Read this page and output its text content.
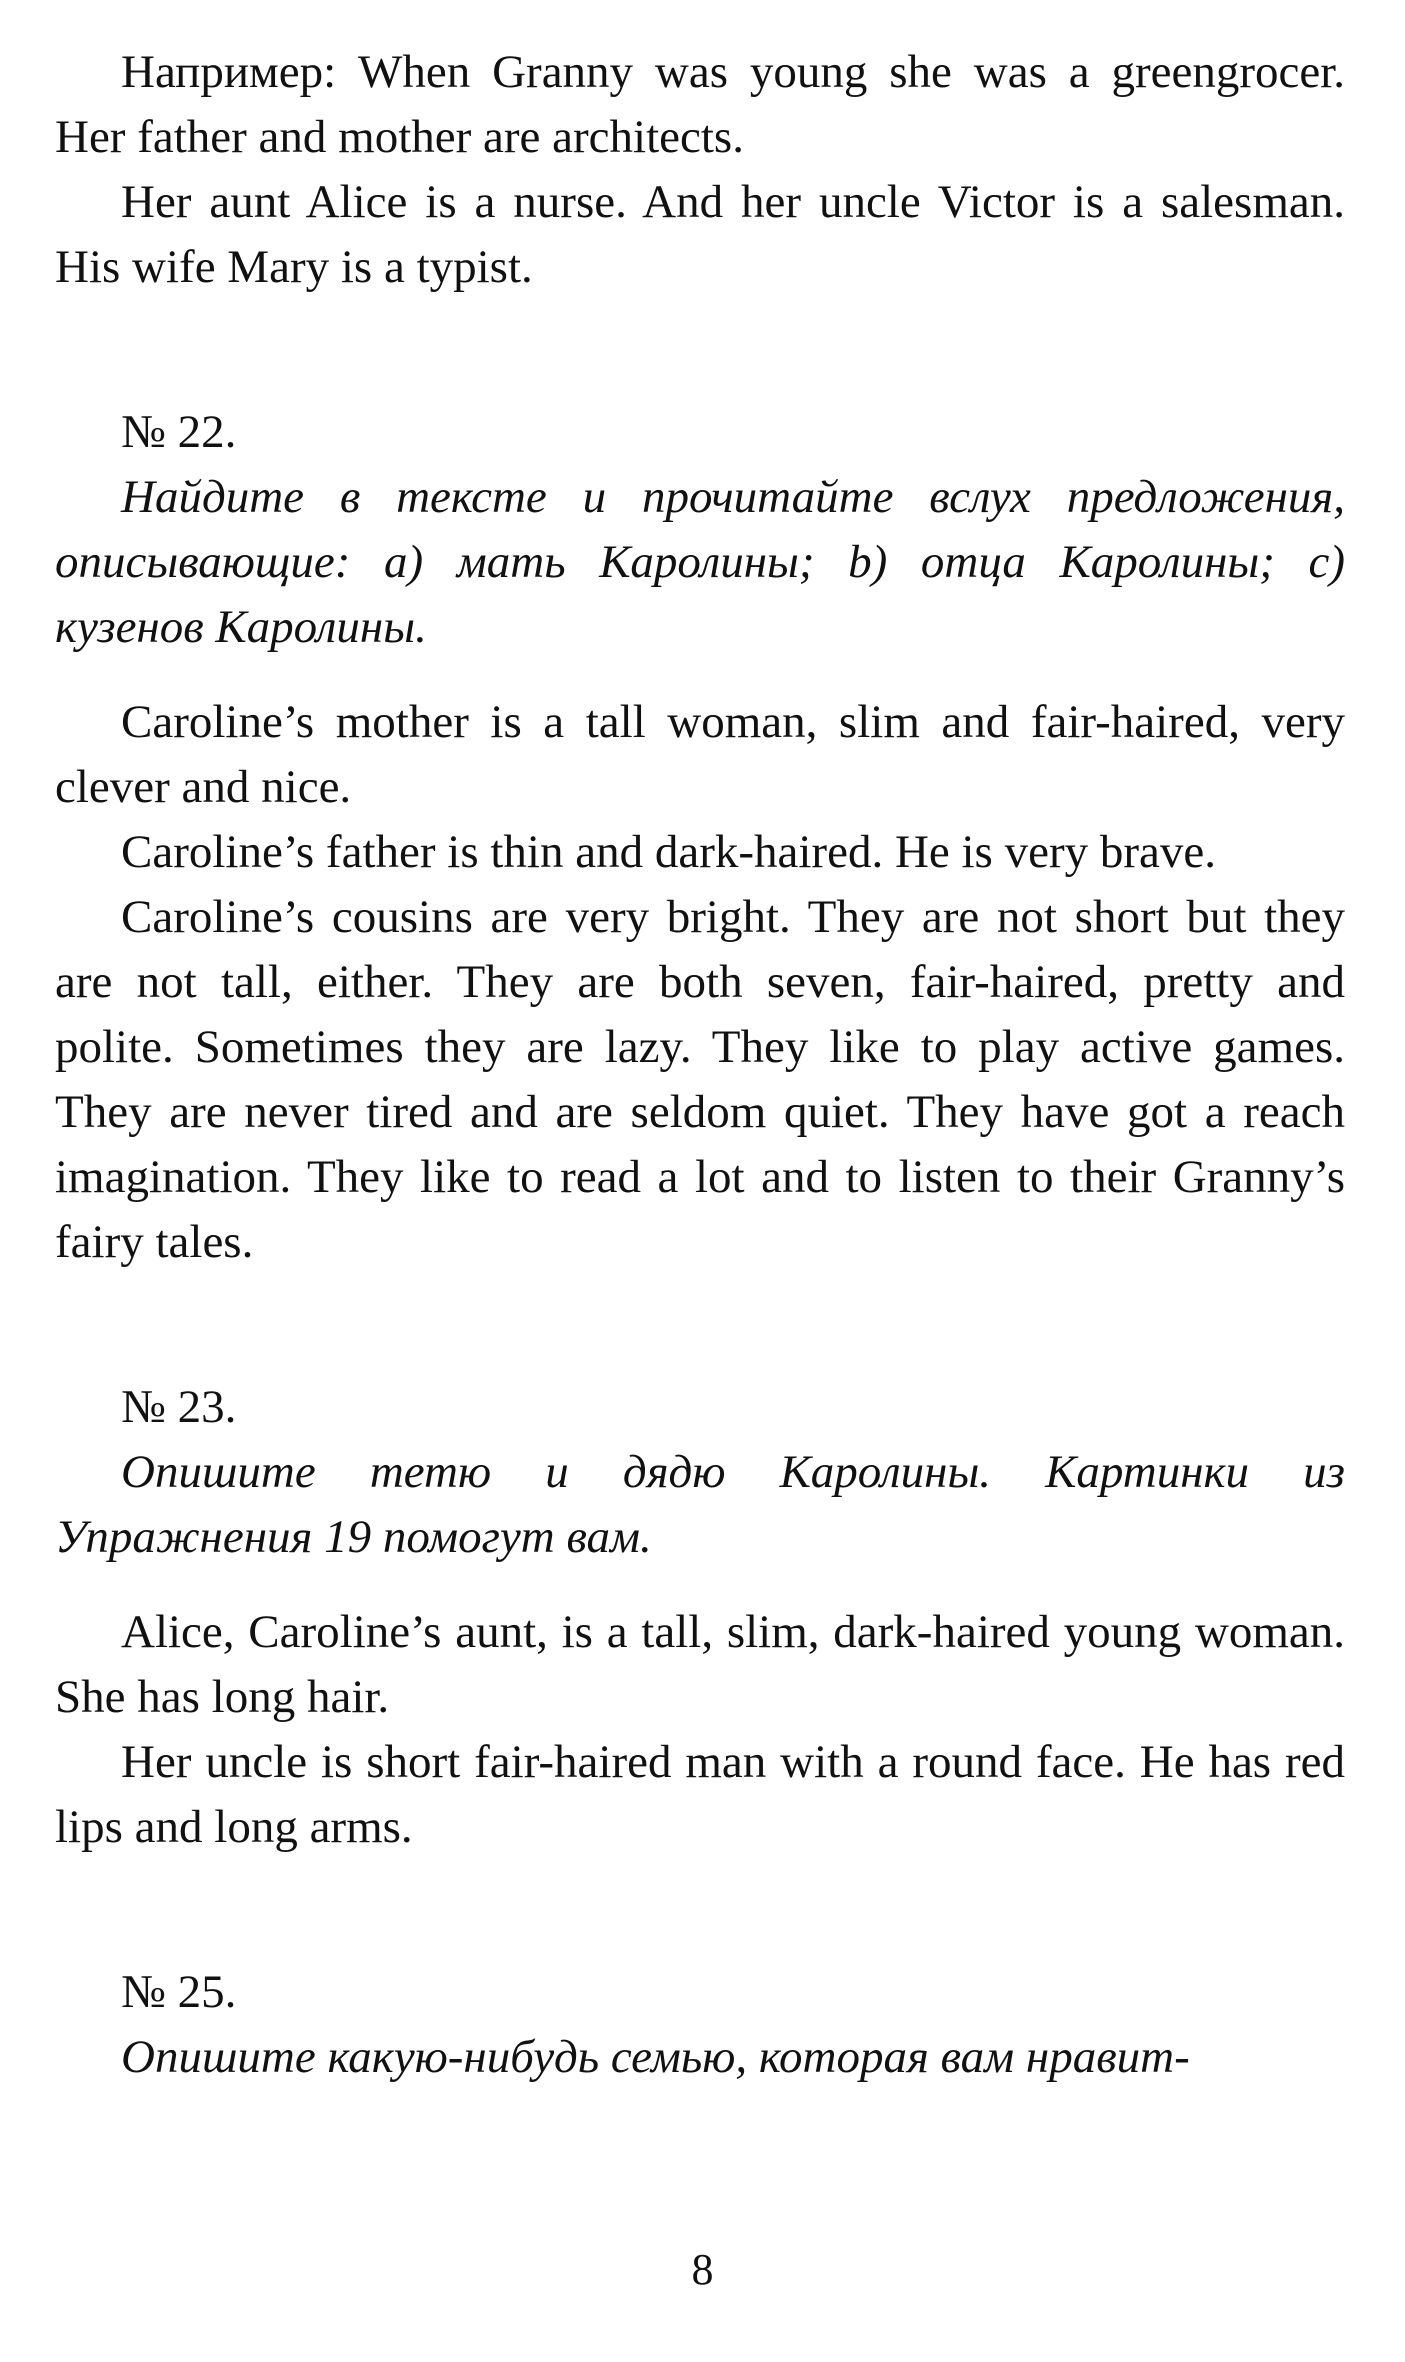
Например: When Granny was young she was a greengrocer. Her father and mother are architects.

Her aunt Alice is a nurse. And her uncle Victor is a salesman. His wife Mary is a typist.

№ 22.

Найдите в тексте и прочитайте вслух предложения, описывающие: а) мать Каролины; b) отца Каролины; с) кузенов Каролины.

Caroline’s mother is a tall woman, slim and fair-haired, very clever and nice.

Caroline’s father is thin and dark-haired. He is very brave.

Caroline’s cousins are very bright. They are not short but they are not tall, either. They are both seven, fair-haired, pretty and polite. Sometimes they are lazy. They like to play active games. They are never tired and are seldom quiet. They have got a reach imagination. They like to read a lot and to listen to their Granny’s fairy tales.

№ 23.

Опишите тетю и дядю Каролины. Картинки из Упражнения 19 помогут вам.

Alice, Caroline’s aunt, is a tall, slim, dark-haired young woman. She has long hair.

Her uncle is short fair-haired man with a round face. He has red lips and long arms.

№ 25.

Опишите какую-нибудь семью, которая вам нравит-

8
